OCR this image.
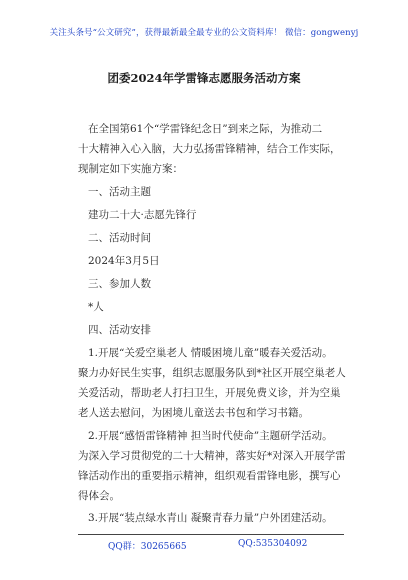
关注头条号“公文研究”，获得最新最全最专业的公文资料库！ 微信：gongwenyj
团委2024年学雷锋志愿服务活动方案
在全国第61个“学雷锋纪念日”到来之际，为推动二
十大精神入心入脑，大力弘扬雷锋精神，结合工作实际，
现制定如下实施方案：
一、活动主题
建功二十大·志愿先锋行
二、活动时间
2024年3月5日
三、参加人数
*人
四、活动安排
1.开展“关爱空巢老人 情暖困境儿童”暖春关爱活动。
聚力办好民生实事，组织志愿服务队到*社区开展空巢老人
关爱活动，帮助老人打扫卫生，开展免费义诊，并为空巢
老人送去慰问，为困境儿童送去书包和学习书籍。
2.开展“感悟雷锋精神 担当时代使命”主题研学活动。
为深入学习贯彻党的二十大精神，落实好*对深入开展学雷
锋活动作出的重要指示精神，组织观看雷锋电影，撰写心
得体会。
3.开展“装点绿水青山 凝聚青春力量”户外团建活动。
QQ群：30265665	QQ:535304092
